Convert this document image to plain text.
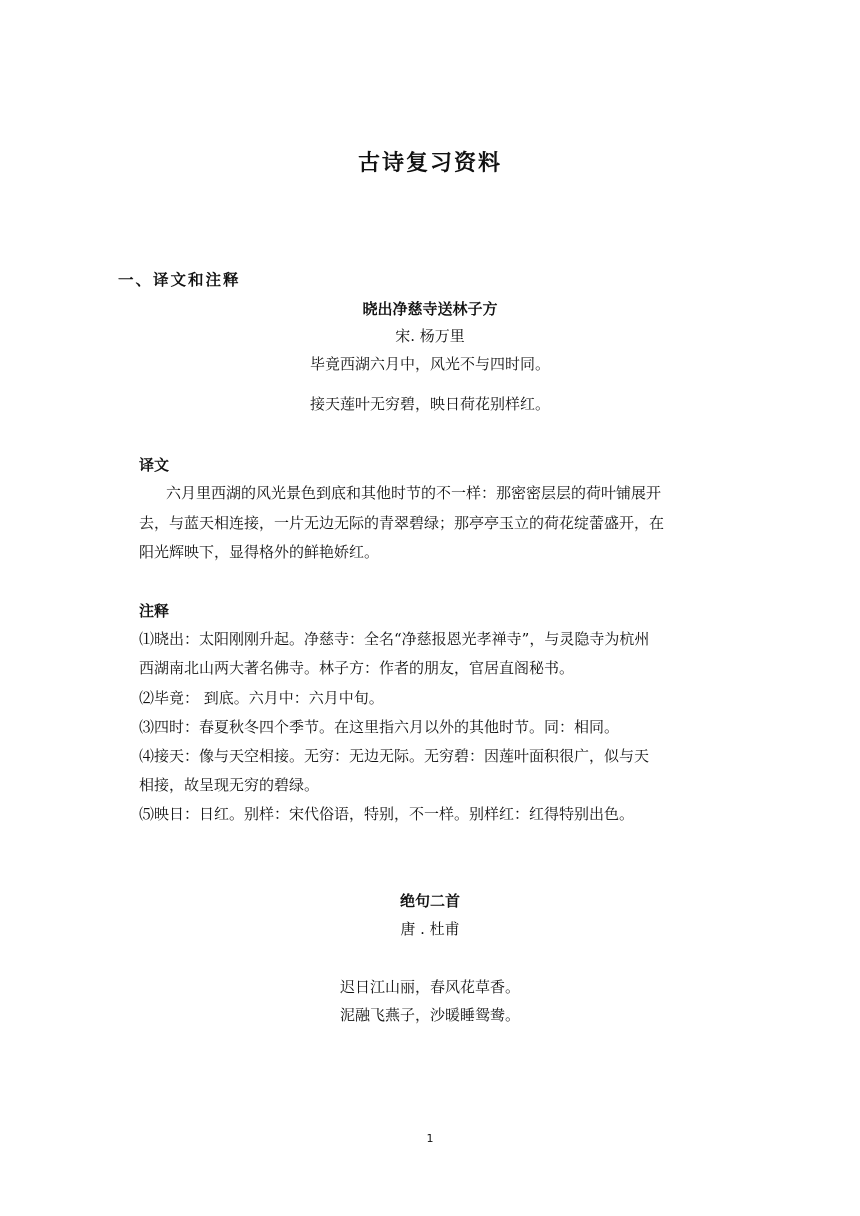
古诗复习资料
一、译文和注释
晓出净慈寺送林子方
宋. 杨万里
毕竟西湖六月中，风光不与四时同。
接天莲叶无穷碧，映日荷花别样红。
译文
六月里西湖的风光景色到底和其他时节的不一样：那密密层层的荷叶铺展开
去，与蓝天相连接，一片无边无际的青翠碧绿；那亭亭玉立的荷花绽蕾盛开，在
阳光辉映下，显得格外的鲜艳娇红。
注释
⑴晓出：太阳刚刚升起。净慈寺：全名“净慈报恩光孝禅寺”，与灵隐寺为杭州
西湖南北山两大著名佛寺。林子方：作者的朋友，官居直阁秘书。
⑵毕竟： 到底。六月中：六月中旬。
⑶四时：春夏秋冬四个季节。在这里指六月以外的其他时节。同：相同。
⑷接天：像与天空相接。无穷：无边无际。无穷碧：因莲叶面积很广，似与天
相接，故呈现无穷的碧绿。
⑸映日：日红。别样：宋代俗语，特别，不一样。别样红：红得特别出色。
绝句二首
唐 . 杜甫
迟日江山丽，春风花草香。
泥融飞燕子，沙暖睡鸳鸯。
1
